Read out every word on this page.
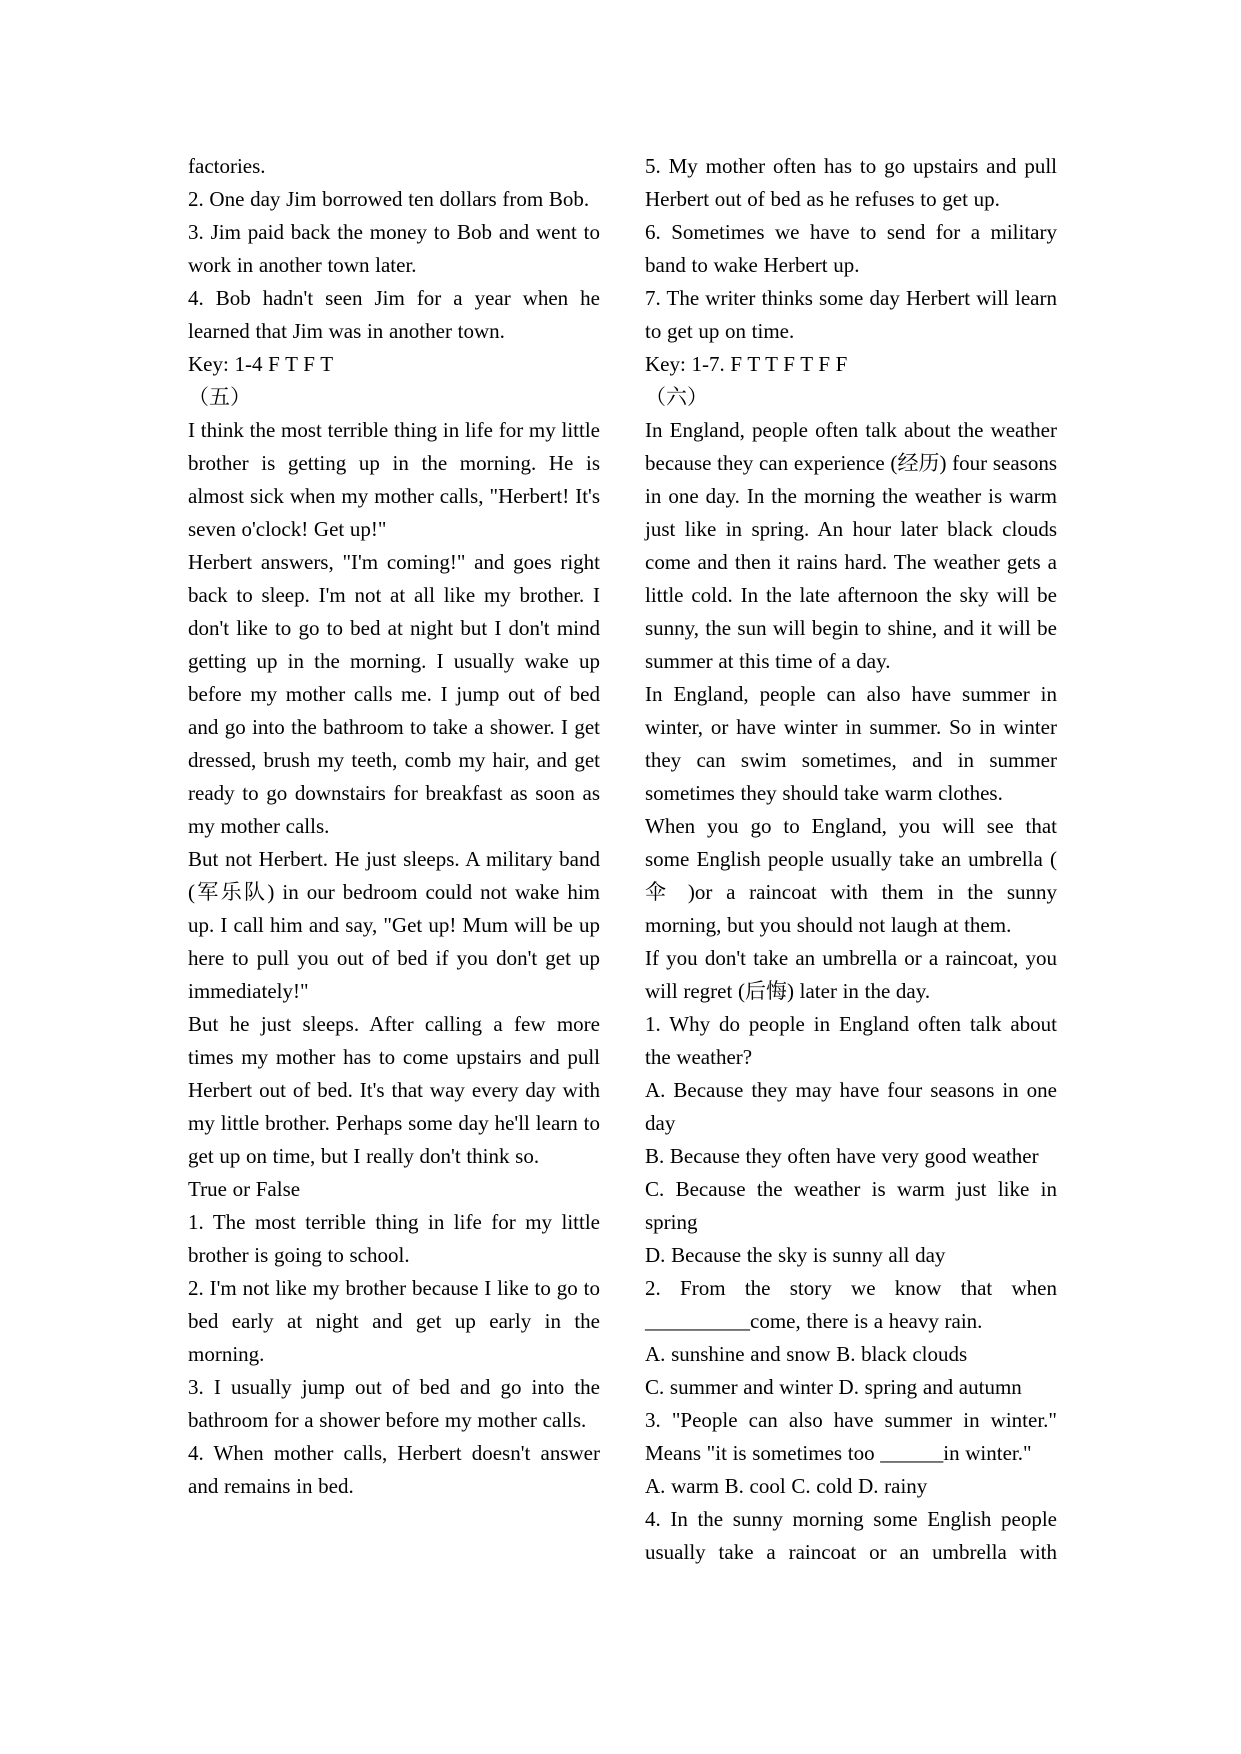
factories.

2. One day Jim borrowed ten dollars from Bob.

3. Jim paid back the money to Bob and went to work in another town later.

4. Bob hadn't seen Jim for a year when he learned that Jim was in another town.

Key: 1-4 F T F T

（五）

I think the most terrible thing in life for my little brother is getting up in the morning. He is almost sick when my mother calls, "Herbert! It's seven o'clock! Get up!"

Herbert answers, "I'm coming!" and goes right back to sleep. I'm not at all like my brother. I don't like to go to bed at night but I don't mind getting up in the morning. I usually wake up before my mother calls me. I jump out of bed and go into the bathroom to take a shower. I get dressed, brush my teeth, comb my hair, and get ready to go downstairs for breakfast as soon as my mother calls.

But not Herbert. He just sleeps. A military band (军乐队) in our bedroom could not wake him up. I call him and say, "Get up! Mum will be up here to pull you out of bed if you don't get up immediately!"

But he just sleeps. After calling a few more times my mother has to come upstairs and pull Herbert out of bed. It's that way every day with my little brother. Perhaps some day he'll learn to get up on time, but I really don't think so.

True or False

1. The most terrible thing in life for my little brother is going to school.

2. I'm not like my brother because I like to go to bed early at night and get up early in the morning.

3. I usually jump out of bed and go into the bathroom for a shower before my mother calls.

4. When mother calls, Herbert doesn't answer and remains in bed.

5. My mother often has to go upstairs and pull Herbert out of bed as he refuses to get up.

6. Sometimes we have to send for a military band to wake Herbert up.

7. The writer thinks some day Herbert will learn to get up on time.

Key: 1-7. F T T F T F F

（六）

In England, people often talk about the weather because they can experience (经历) four seasons in one day. In the morning the weather is warm just like in spring. An hour later black clouds come and then it rains hard. The weather gets a little cold. In the late afternoon the sky will be sunny, the sun will begin to shine, and it will be summer at this time of a day.

In England, people can also have summer in winter, or have winter in summer. So in winter they can swim sometimes, and in summer sometimes they should take warm clothes.

When you go to England, you will see that some English people usually take an umbrella ( 伞 )or a raincoat with them in the sunny morning, but you should not laugh at them.

If you don't take an umbrella or a raincoat, you will regret (后悔) later in the day.

1. Why do people in England often talk about the weather?

A. Because they may have four seasons in one day

B. Because they often have very good weather

C. Because the weather is warm just like in spring

D. Because the sky is sunny all day

2. From the story we know that when __________come, there is a heavy rain.

A. sunshine and snow B. black clouds

C. summer and winter D. spring and autumn

3. "People can also have summer in winter." Means "it is sometimes too ______in winter."

A. warm B. cool C. cold D. rainy

4. In the sunny morning some English people usually take a raincoat or an umbrella with
